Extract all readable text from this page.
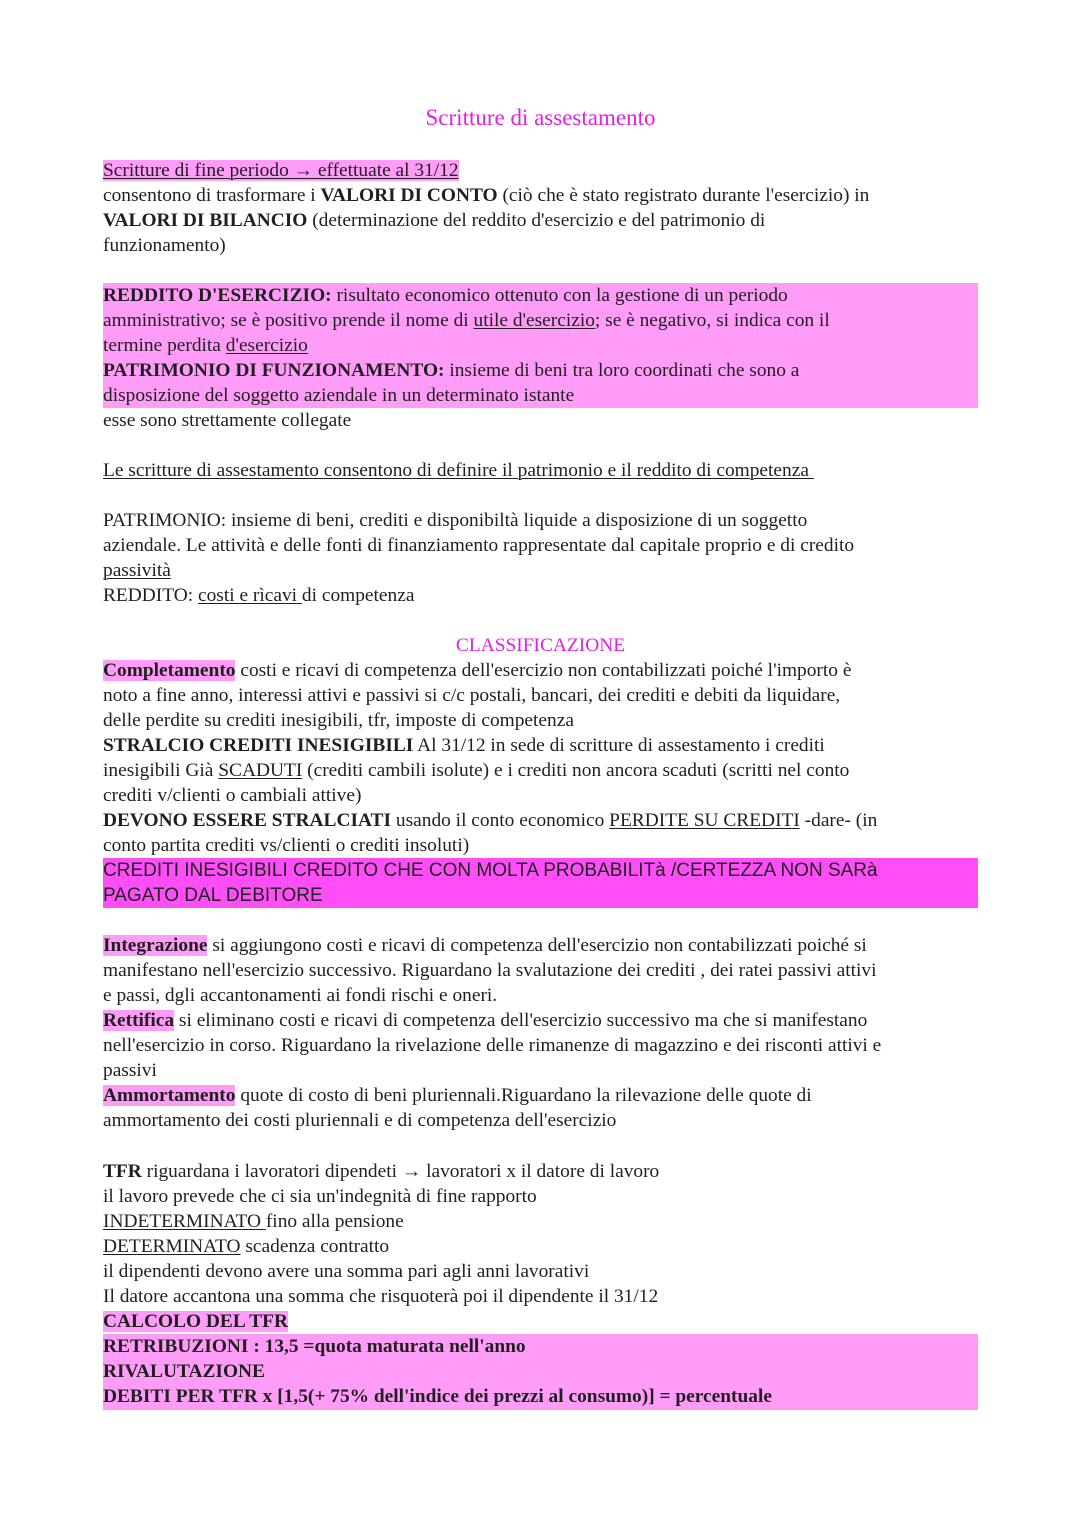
Scritture di assestamento
Scritture di fine periodo → effettuate al 31/12
consentono di trasformare i VALORI DI CONTO (ciò che è stato registrato durante l'esercizio) in
VALORI DI BILANCIO (determinazione del reddito d'esercizio e del patrimonio di
funzionamento)
REDDITO D'ESERCIZIO: risultato economico ottenuto con la gestione di un periodo
amministrativo; se è positivo prende il nome di utile d'esercizio; se è negativo, si indica con il
termine perdita d'esercizio
PATRIMONIO DI FUNZIONAMENTO: insieme di beni tra loro coordinati che sono a
disposizione del soggetto aziendale in un determinato istante
esse sono strettamente collegate
Le scritture di assestamento consentono di definire il patrimonio e il reddito di competenza
PATRIMONIO: insieme di beni, crediti e disponibiltà liquide a disposizione di un soggetto
aziendale. Le attività e delle fonti di finanziamento rappresentate dal capitale proprio e di credito
passività
REDDITO: costi e rìcavi di competenza
CLASSIFICAZIONE
Completamento costi e ricavi di competenza dell'esercizio non contabilizzati poiché l'importo è
noto a fine anno, interessi attivi e passivi si c/c postali, bancari, dei crediti e debiti da liquidare,
delle perdite su crediti inesigibili, tfr, imposte di competenza
STRALCIO CREDITI INESIGIBILI Al 31/12 in sede di scritture di assestamento i crediti
inesigibili Già SCADUTI (crediti cambili isolute) e i crediti non ancora scaduti (scritti nel conto
crediti v/clienti o cambiali attive)
DEVONO ESSERE STRALCIATI usando il conto economico PERDITE SU CREDITI -dare- (in
conto partita crediti vs/clienti o crediti insoluti)
CREDITI INESIGIBILI CREDITO CHE CON MOLTA PROBABILITà /CERTEZZA NON SARà
PAGATO DAL DEBITORE
Integrazione si aggiungono costi e ricavi di competenza dell'esercizio non contabilizzati poiché si
manifestano nell'esercizio successivo. Riguardano la svalutazione dei crediti , dei ratei passivi attivi
e passi, dgli accantonamenti ai fondi rischi e oneri.
Rettifica si eliminano costi e ricavi di competenza dell'esercizio successivo ma che si manifestano
nell'esercizio in corso. Riguardano la rivelazione delle rimanenze di magazzino e dei risconti attivi e
passivi
Ammortamento quote di costo di beni pluriennali.Riguardano la rilevazione delle quote di
ammortamento dei costi pluriennali e di competenza dell'esercizio
TFR riguardana i lavoratori dipendeti → lavoratori x il datore di lavoro
il lavoro prevede che ci sia un'indegnità di fine rapporto
INDETERMINATO fino alla pensione
DETERMINATO scadenza contratto
il dipendenti devono avere una somma pari agli anni lavorativi
Il datore accantona una somma che risquoterà poi il dipendente il 31/12
CALCOLO DEL TFR
RETRIBUZIONI : 13,5 =quota maturata nell'anno
RIVALUTAZIONE
DEBITI PER TFR x [1,5(+ 75% dell'indice dei prezzi al consumo)] = percentuale
